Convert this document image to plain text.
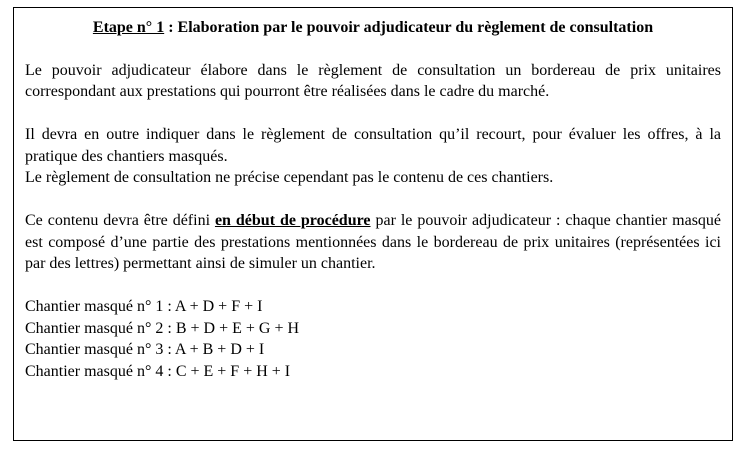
Etape n° 1 : Elaboration par le pouvoir adjudicateur du règlement de consultation

Le pouvoir adjudicateur élabore dans le règlement de consultation un bordereau de prix unitaires correspondant aux prestations qui pourront être réalisées dans le cadre du marché.

Il devra en outre indiquer dans le règlement de consultation qu’il recourt, pour évaluer les offres, à la pratique des chantiers masqués.
Le règlement de consultation ne précise cependant pas le contenu de ces chantiers.

Ce contenu devra être défini en début de procédure par le pouvoir adjudicateur : chaque chantier masqué est composé d’une partie des prestations mentionnées dans le bordereau de prix unitaires (représentées ici par des lettres) permettant ainsi de simuler un chantier.

Chantier masqué n° 1 : A + D + F + I
Chantier masqué n° 2 : B + D + E + G + H
Chantier masqué n° 3 : A + B + D + I
Chantier masqué n° 4 : C + E + F + H + I
